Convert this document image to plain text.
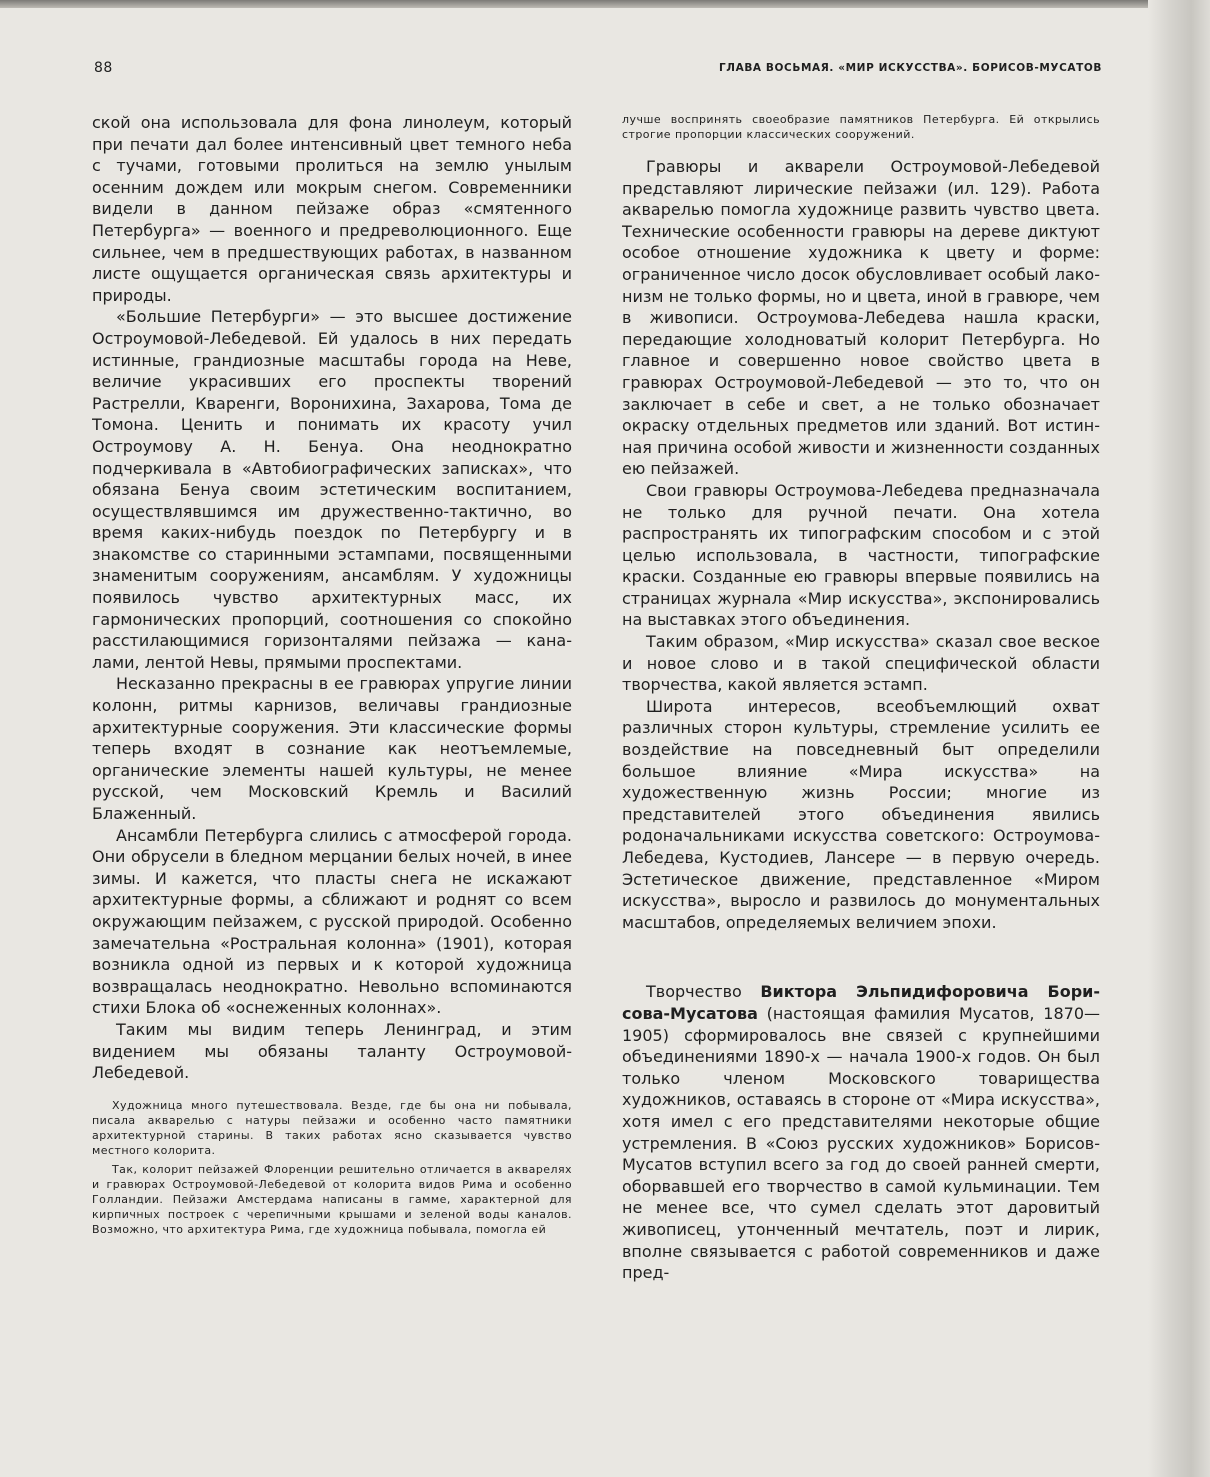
88	ГЛАВА ВОСЬМАЯ. «МИР ИСКУССТВА». БОРИСОВ-МУСАТОВ

ской она использовала для фона линолеум, который при печати дал более интенсивный цвет темного неба с тучами, готовыми пролиться на землю унылым осенним дождем или мокрым снегом. Современники видели в данном пейзаже образ «смятенного Петербурга» — военного и предреволюционного. Еще сильнее, чем в предшествующих работах, в названном листе ощущается органическая связь архитектуры и природы.

«Большие Петербурги» — это высшее достижение Остроумовой-Лебедевой. Ей удалось в них передать истинные, грандиозные масштабы города на Неве, величие украсивших его проспекты творений Растрелли, Кваренги, Воронихина, Захарова, Тома де Томона. Ценить и понимать их красоту учил Остроумову А. Н. Бенуа. Она неоднократно подчеркивала в «Автобиографических записках», что обязана Бенуа своим эстетическим воспитанием, осуществлявшимся им дружественно-тактично, во время каких-нибудь поездок по Петербургу и в знакомстве со старинными эстампами, посвященными знаменитым сооружениям, ансамблям. У художницы появилось чувство архитектурных масс, их гармонических пропорций, соотношения со спокойно расстилающимися горизонталями пейзажа — каналами, лентой Невы, прямыми проспектами.

Несказанно прекрасны в ее гравюрах упругие линии колонн, ритмы карнизов, величавы грандиозные архитектурные сооружения. Эти классические формы теперь входят в сознание как неотъемлемые, органические элементы нашей культуры, не менее русской, чем Московский Кремль и Василий Блаженный.

Ансамбли Петербурга слились с атмосферой города. Они обрусели в бледном мерцании белых ночей, в инее зимы. И кажется, что пласты снега не искажают архитектурные формы, а сближают и роднят со всем окружающим пейзажем, с русской природой. Особенно замечательна «Ростральная колонна» (1901), которая возникла одной из первых и к которой художница возвращалась неоднократно. Невольно вспоминаются стихи Блока об «оснеженных колоннах».

Таким мы видим теперь Ленинград, и этим видением мы обязаны таланту Остроумовой-Лебедевой.

Художница много путешествовала. Везде, где бы она ни побывала, писала акварелью с натуры пейзажи и особенно часто памятники архитектурной старины. В таких работах ясно сказывается чувство местного колорита.

Так, колорит пейзажей Флоренции решительно отличается в акварелях и гравюрах Остроумовой-Лебедевой от колорита видов Рима и особенно Голландии. Пейзажи Амстердама написаны в гамме, характерной для кирпичных построек с черепичными крышами и зеленой воды каналов. Возможно, что архитектура Рима, где художница побывала, помогла ей

лучше воспринять своеобразие памятников Петербурга. Ей открылись строгие пропорции классических сооружений.

Гравюры и акварели Остроумовой-Лебедевой представляют лирические пейзажи (ил. 129). Работа акварелью помогла художнице развить чувство цвета. Технические особенности гравюры на дереве диктуют особое отношение художника к цвету и форме: ограниченное число досок обусловливает особый лаконизм не только формы, но и цвета, иной в гравюре, чем в живописи. Остроумова-Лебедева нашла краски, передающие холодноватый колорит Петербурга. Но главное и совершенно новое свойство цвета в гравюрах Остроумовой-Лебедевой — это то, что он заключает в себе и свет, а не только обозначает окраску отдельных предметов или зданий. Вот истинная причина особой живости и жизненности созданных ею пейзажей.

Свои гравюры Остроумова-Лебедева предназначала не только для ручной печати. Она хотела распространять их типографским способом и с этой целью использовала, в частности, типографские краски. Созданные ею гравюры впервые появились на страницах журнала «Мир искусства», экспонировались на выставках этого объединения.

Таким образом, «Мир искусства» сказал свое веское и новое слово и в такой специфической области творчества, какой является эстамп.

Широта интересов, всеобъемлющий охват различных сторон культуры, стремление усилить ее воздействие на повседневный быт определили большое влияние «Мира искусства» на художественную жизнь России; многие из представителей этого объединения явились родоначальниками искусства советского: Остроумова-Лебедева, Кустодиев, Лансере — в первую очередь. Эстетическое движение, представленное «Миром искусства», выросло и развилось до монументальных масштабов, определяемых величием эпохи.

Творчество Виктора Эльпидифоровича Борисова-Мусатова (настоящая фамилия Мусатов, 1870—1905) сформировалось вне связей с крупнейшими объединениями 1890-х — начала 1900-х годов. Он был только членом Московского товарищества художников, оставаясь в стороне от «Мира искусства», хотя имел с его представителями некоторые общие устремления. В «Союз русских художников» Борисов-Мусатов вступил всего за год до своей ранней смерти, оборвавшей его творчество в самой кульминации. Тем не менее все, что сумел сделать этот даровитый живописец, утонченный мечтатель, поэт и лирик, вполне связывается с работой современников и даже пред-
